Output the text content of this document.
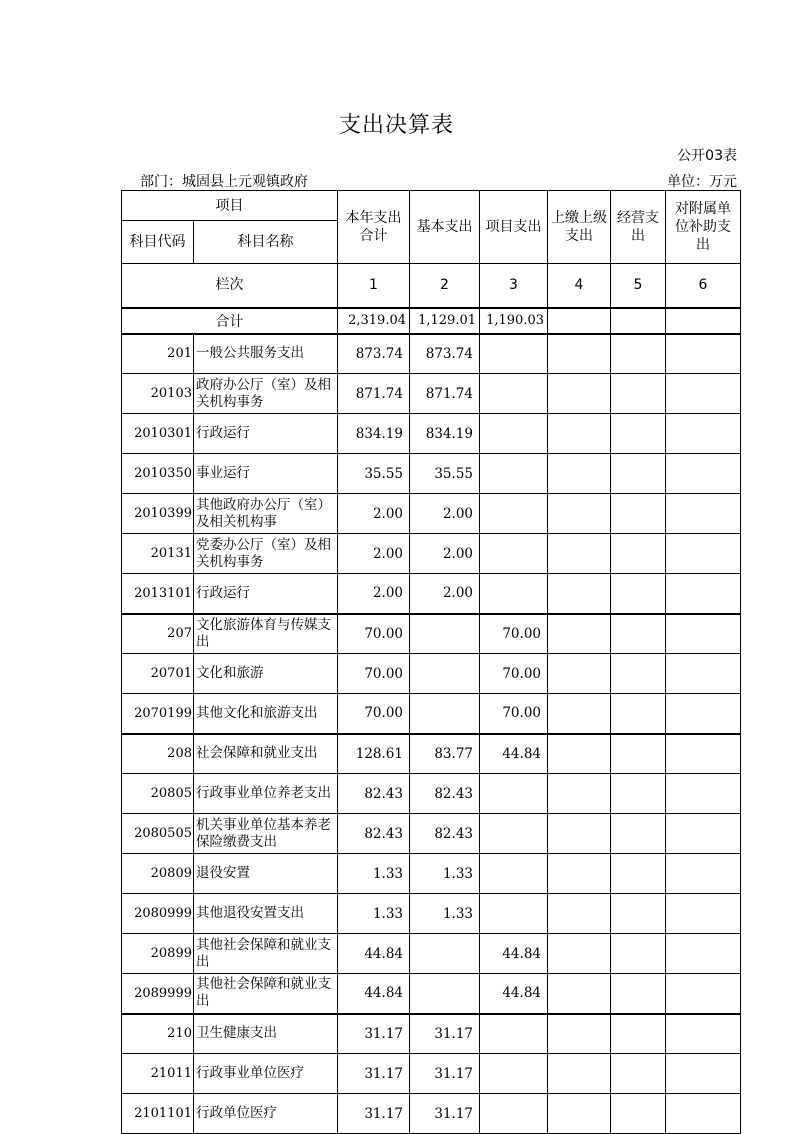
支出决算表
公开03表
部门：城固县上元观镇政府	单位：万元
项目		本年支出合计	基本支出	项目支出	上缴上级支出	经营支出	对附属单位补助支出
科目代码	科目名称						
栏次		1	2	3	4	5	6
合计		2,319.04	1,129.01	1,190.03			
201	一般公共服务支出	873.74	873.74				
20103	政府办公厅（室）及相关机构事务	871.74	871.74				
2010301	行政运行	834.19	834.19				
2010350	事业运行	35.55	35.55				
2010399	其他政府办公厅（室）及相关机构事	2.00	2.00				
20131	党委办公厅（室）及相关机构事务	2.00	2.00				
2013101	行政运行	2.00	2.00				
207	文化旅游体育与传媒支出	70.00		70.00			
20701	文化和旅游	70.00		70.00			
2070199	其他文化和旅游支出	70.00		70.00			
208	社会保障和就业支出	128.61	83.77	44.84			
20805	行政事业单位养老支出	82.43	82.43				
2080505	机关事业单位基本养老保险缴费支出	82.43	82.43				
20809	退役安置	1.33	1.33				
2080999	其他退役安置支出	1.33	1.33				
20899	其他社会保障和就业支出	44.84		44.84			
2089999	其他社会保障和就业支出	44.84		44.84			
210	卫生健康支出	31.17	31.17				
21011	行政事业单位医疗	31.17	31.17				
2101101	行政单位医疗	31.17	31.17				
